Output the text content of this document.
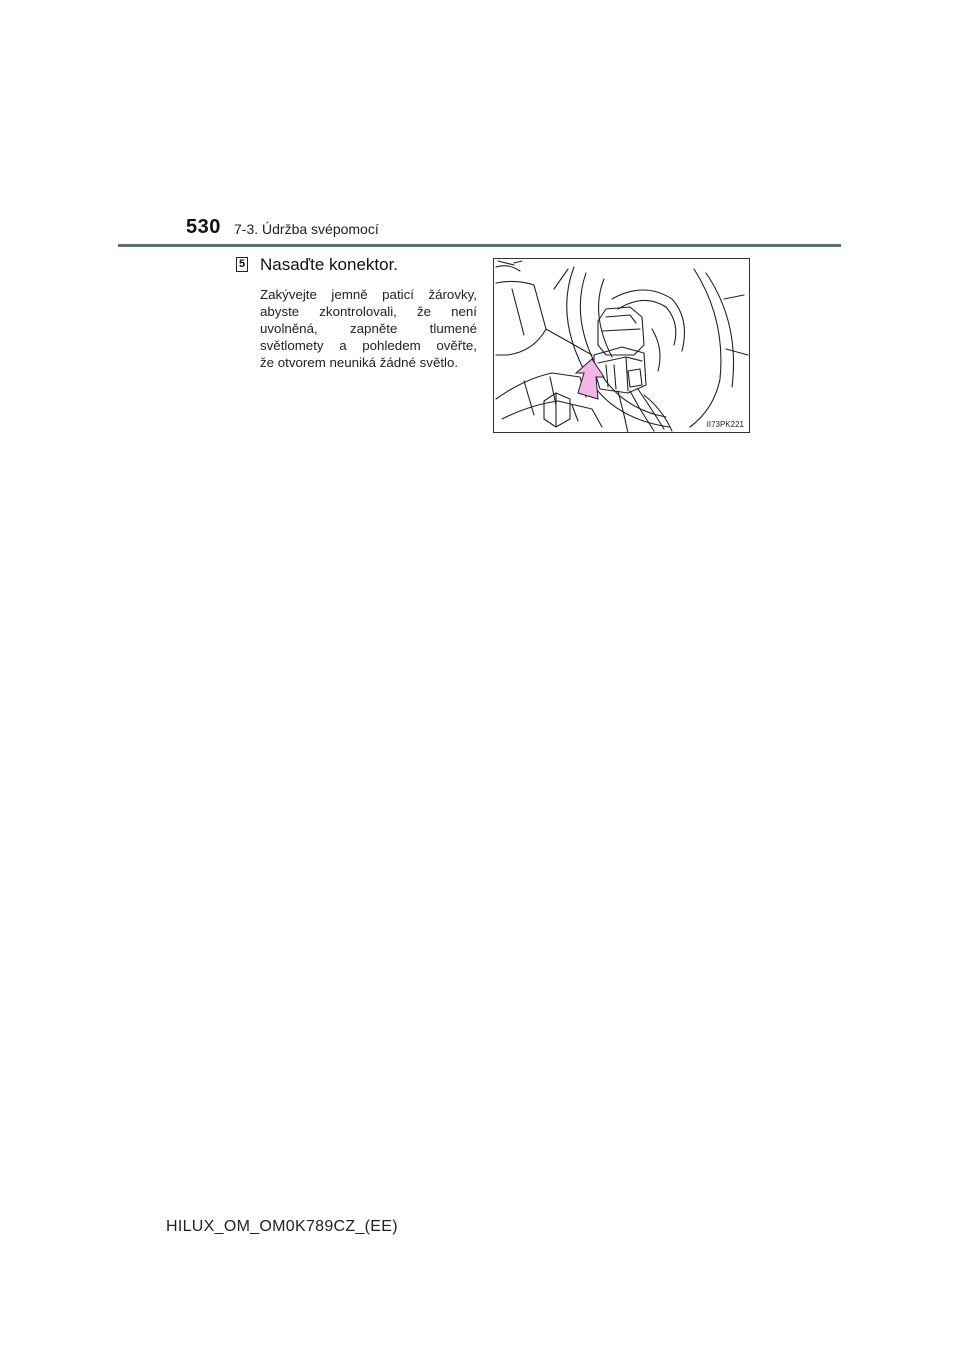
530 7-3. Údržba svépomocí
5 Nasaďte konektor.
Zakývejte jemně paticí žárovky,
abyste zkontrolovali, že není
uvolněná, zapněte tlumené
světlomety a pohledem ověřte,
že otvorem neuniká žádné světlo.
II73PK221
HILUX_OM_OM0K789CZ_(EE)
